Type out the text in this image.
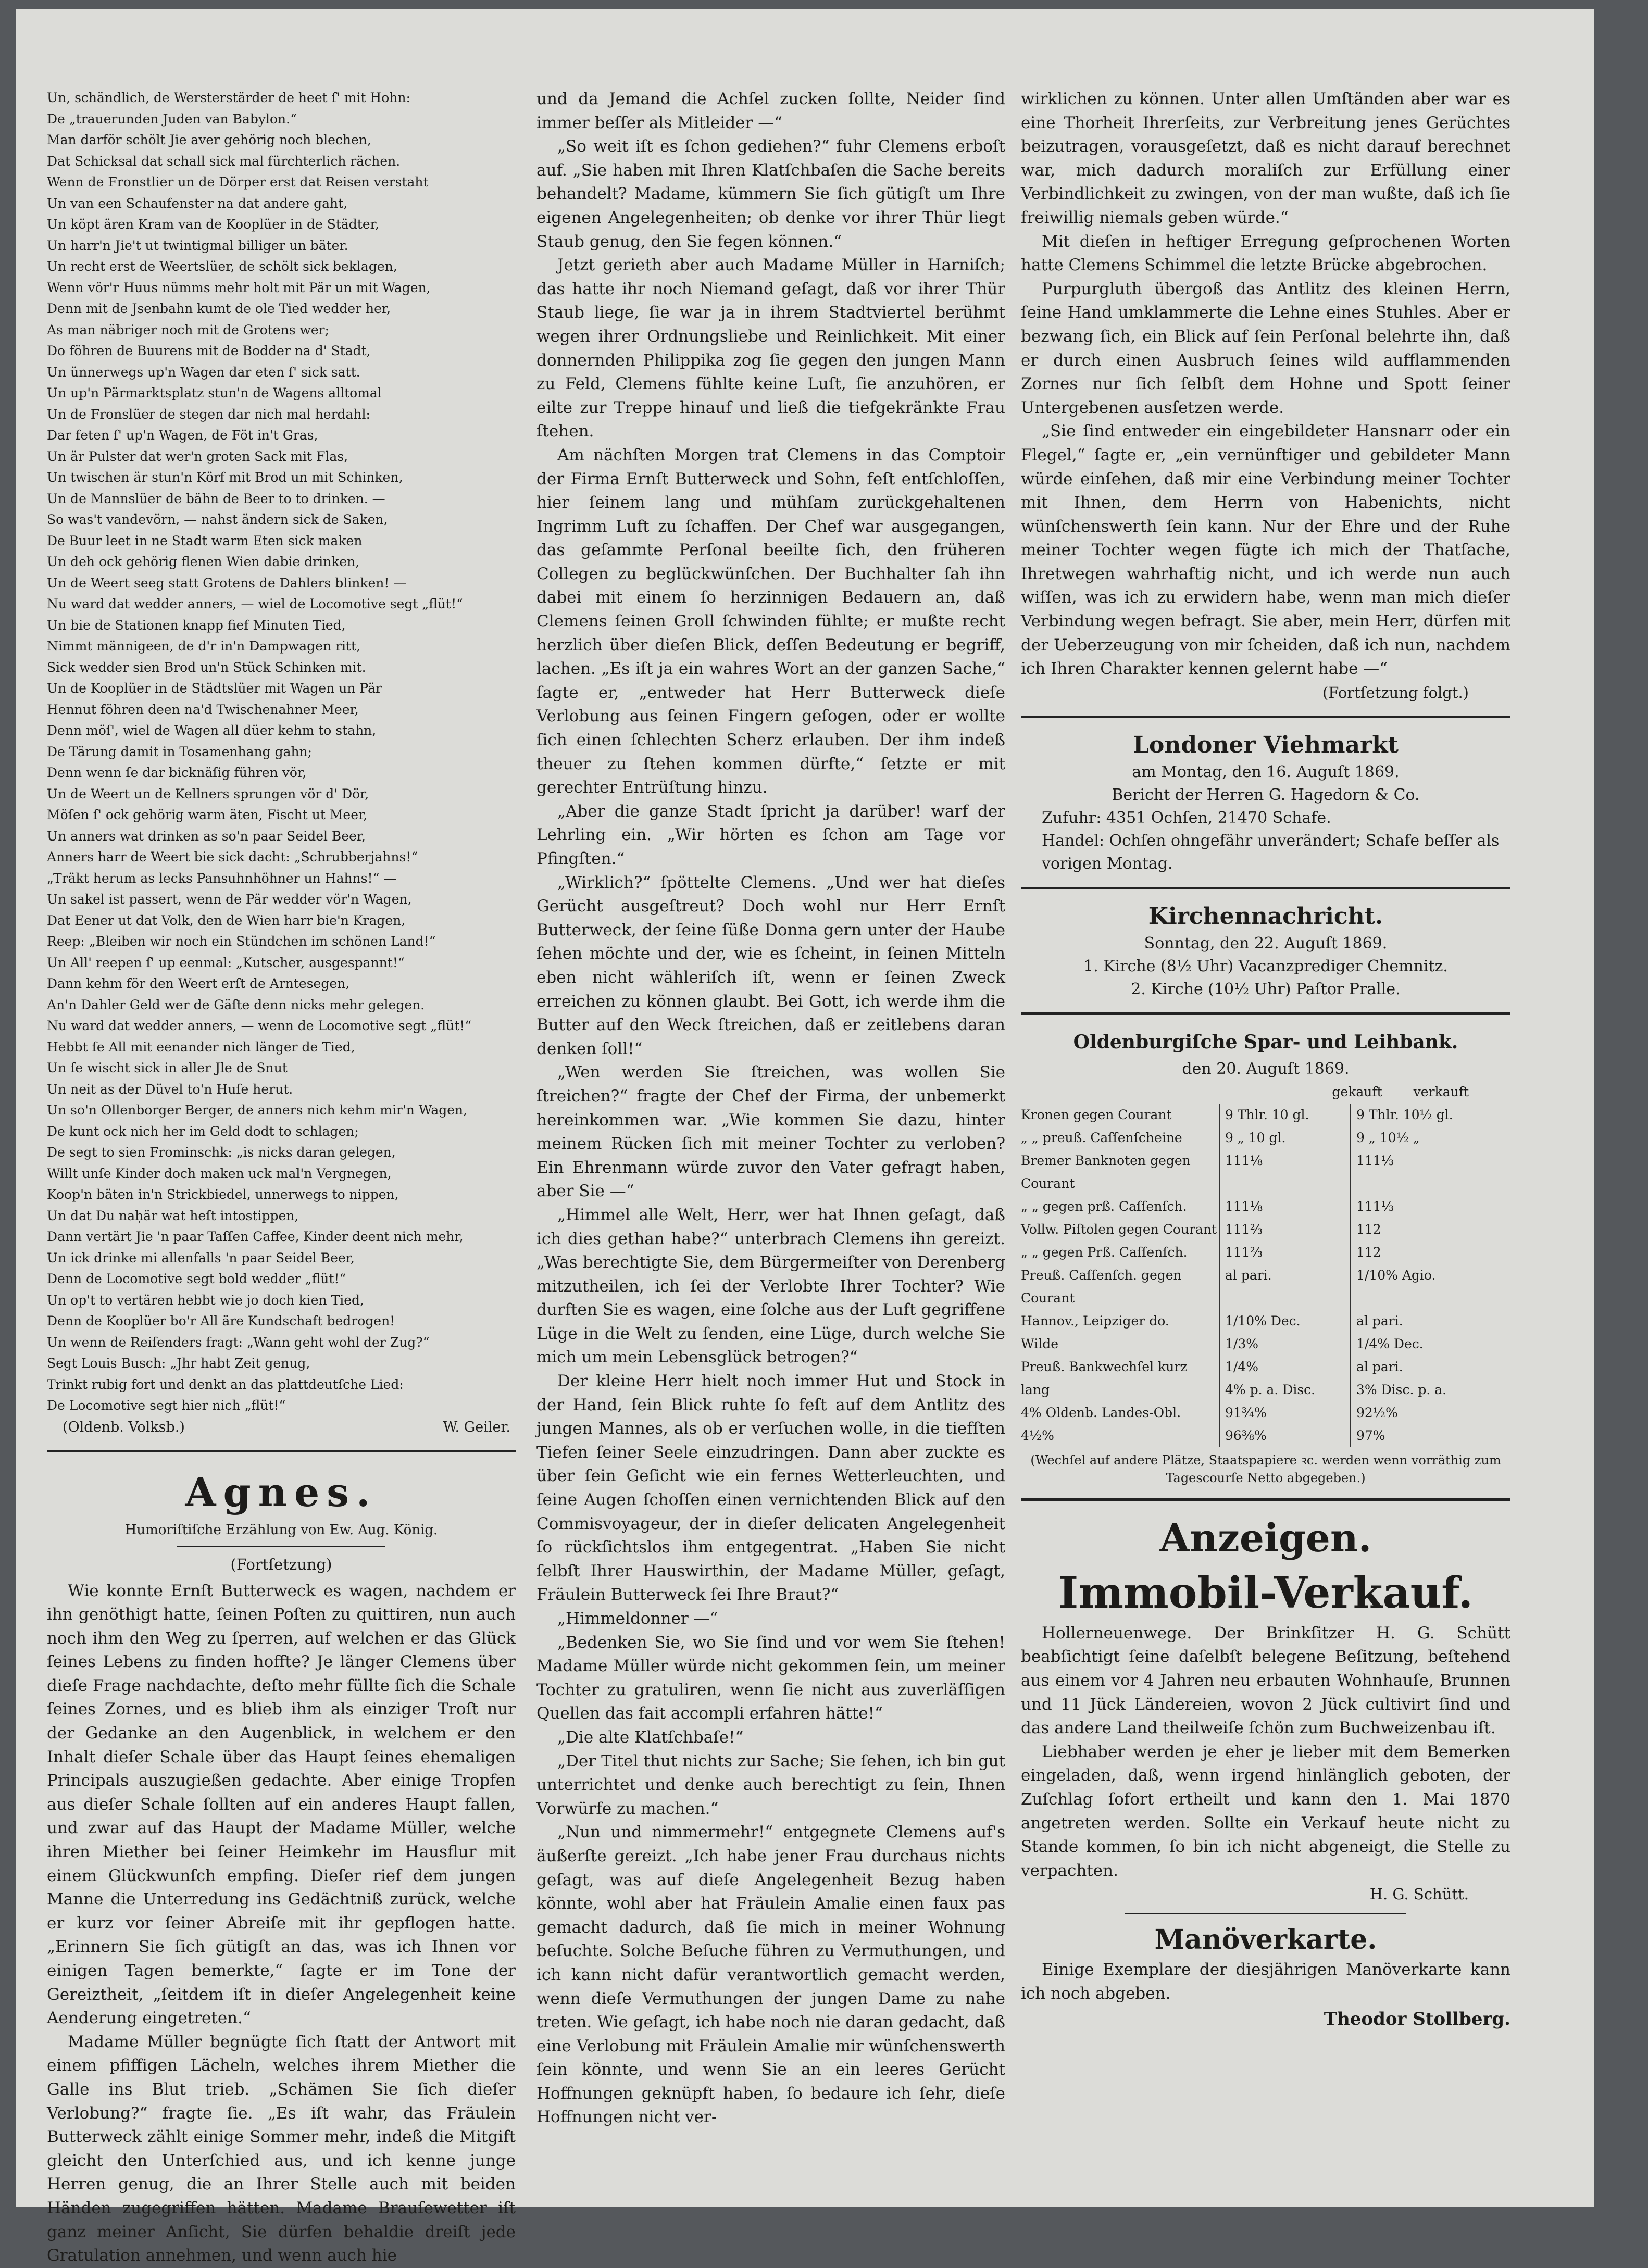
Un, schändlich, de Wersterstärder de heet ſ' mit Hohn:
De „trauerunden Juden van Babylon.“
Man darför schölt Jie aver gehörig noch blechen,
Dat Schicksal dat schall sick mal fürchterlich rächen.
Wenn de Fronstlier un de Dörper erst dat Reisen verstaht
Un van een Schaufenster na dat andere gaht,
Un köpt ären Kram van de Kooplüer in de Städter,
Un harr'n Jie't ut twintigmal billiger un bäter.
Un recht erst de Weertslüer, de schölt sick beklagen,
Wenn vör'r Huus nümms mehr holt mit Pär un mit Wagen,
Denn mit de Jsenbahn kumt de ole Tied wedder her,
As man näbriger noch mit de Grotens wer;
Do föhren de Buurens mit de Bodder na d' Stadt,
Un ünnerwegs up'n Wagen dar eten ſ' sick satt.
Un up'n Pärmarktsplatz stun'n de Wagens alltomal
Un de Fronslüer de stegen dar nich mal herdahl:
Dar feten ſ' up'n Wagen, de Föt in't Gras,
Un är Pulster dat wer'n groten Sack mit Flas,
Un twischen är stun'n Körf mit Brod un mit Schinken,
Un de Mannslüer de bähn de Beer to to drinken. —
So was't vandevörn, — nahst ändern sick de Saken,
De Buur leet in ne Stadt warm Eten sick maken
Un deh ock gehörig flenen Wien dabie drinken,
Un de Weert seeg statt Grotens de Dahlers blinken! —
Nu ward dat wedder anners, — wiel de Locomotive segt „flüt!“
Un bie de Stationen knapp fief Minuten Tied,
Nimmt männigeen, de d'r in'n Dampwagen ritt,
Sick wedder sien Brod un'n Stück Schinken mit.
Un de Kooplüer in de Städtslüer mit Wagen un Pär
Hennut föhren deen na'd Twischenahner Meer,
Denn möſ', wiel de Wagen all düer kehm to stahn,
De Tärung damit in Tosamenhang gahn;
Denn wenn ſe dar bicknäſig führen vör,
Un de Weert un de Kellners sprungen vör d' Dör,
Möſen ſ' ock gehörig warm äten, Fischt ut Meer,
Un anners wat drinken as so'n paar Seidel Beer,
Anners harr de Weert bie sick dacht: „Schrubberjahns!“
„Träkt herum as lecks Pansuhnhöhner un Hahns!“ —
Un sakel ist passert, wenn de Pär wedder vör'n Wagen,
Dat Eener ut dat Volk, den de Wien harr bie'n Kragen,
Reep: „Bleiben wir noch ein Stündchen im schönen Land!“
Un All' reepen ſ' up eenmal: „Kutscher, ausgespannt!“
Dann kehm för den Weert erſt de Arntesegen,
An'n Dahler Geld wer de Gäſte denn nicks mehr gelegen.
Nu ward dat wedder anners, — wenn de Locomotive segt „flüt!“
Hebbt ſe All mit eenander nich länger de Tied,
Un ſe wischt sick in aller Jle de Snut
Un neit as der Düvel to'n Huſe herut.
Un so'n Ollenborger Berger, de anners nich kehm mir'n Wagen,
De kunt ock nich her im Geld dodt to schlagen;
De segt to sien Frominschk: „is nicks daran gelegen,
Willt unſe Kinder doch maken uck mal'n Vergnegen,
Koop'n bäten in'n Strickbiedel, unnerwegs to nippen,
Un dat Du naḥär wat heſt intostippen,
Dann vertärt Jie 'n paar Taſſen Caffee, Kinder deent nich mehr,
Un ick drinke mi allenfalls 'n paar Seidel Beer,
Denn de Locomotive segt bold wedder „flüt!“
Un op't to vertären hebbt wie jo doch kien Tied,
Denn de Kooplüer bo'r All äre Kundschaft bedrogen!
Un wenn de Reiſenders fragt: „Wann geht wohl der Zug?“
Segt Louis Busch: „Jhr habt Zeit genug,
Trinkt rubig fort und denkt an das plattdeutſche Lied:
De Locomotive segt hier nich „flüt!“
(Oldenb. Volksb.)	W. Geiler.
Agnes.
Humoriſtiſche Erzählung von Ew. Aug. König.
(Fortſetzung)

Wie konnte Ernſt Butterweck es wagen, nachdem er ihn genöthigt hatte, ſeinen Poſten zu quittiren, nun auch noch ihm den Weg zu ſperren, auf welchen er das Glück ſeines Lebens zu finden hoffte? Je länger Clemens über dieſe Frage nachdachte, deſto mehr füllte ſich die Schale ſeines Zornes, und es blieb ihm als einziger Troſt nur der Gedanke an den Augenblick, in welchem er den Inhalt dieſer Schale über das Haupt ſeines ehemaligen Principals auszugießen gedachte. Aber einige Tropfen aus dieſer Schale ſollten auf ein anderes Haupt fallen, und zwar auf das Haupt der Madame Müller, welche ihren Miether bei ſeiner Heimkehr im Hausflur mit einem Glückwunſch empfing. Dieſer rief dem jungen Manne die Unterredung ins Gedächtniß zurück, welche er kurz vor ſeiner Abreiſe mit ihr gepflogen hatte. „Erinnern Sie ſich gütigſt an das, was ich Ihnen vor einigen Tagen bemerkte,“ ſagte er im Tone der Gereiztheit, „ſeitdem iſt in dieſer Angelegenheit keine Aenderung eingetreten.“

Madame Müller begnügte ſich ſtatt der Antwort mit einem pfiffigen Lächeln, welches ihrem Miether die Galle ins Blut trieb. „Schämen Sie ſich dieſer Verlobung?“ fragte ſie. „Es iſt wahr, das Fräulein Butterweck zählt einige Sommer mehr, indeß die Mitgift gleicht den Unterſchied aus, und ich kenne junge Herren genug, die an Ihrer Stelle auch mit beiden Händen zugegriffen hätten. Madame Brauſewetter iſt ganz meiner Anſicht, Sie dürfen behaldie dreiſt jede Gratulation annehmen, und wenn auch hie

und da Jemand die Achſel zucken ſollte, Neider ſind immer beſſer als Mitleider —“

„So weit iſt es ſchon gediehen?“ fuhr Clemens erboſt auf. „Sie haben mit Ihren Klatſchbaſen die Sache bereits behandelt? Madame, kümmern Sie ſich gütigſt um Ihre eigenen Angelegenheiten; ob denke vor ihrer Thür liegt Staub genug, den Sie fegen können.“

Jetzt gerieth aber auch Madame Müller in Harniſch; das hatte ihr noch Niemand geſagt, daß vor ihrer Thür Staub liege, ſie war ja in ihrem Stadtviertel berühmt wegen ihrer Ordnungsliebe und Reinlichkeit. Mit einer donnernden Philippika zog ſie gegen den jungen Mann zu Feld, Clemens fühlte keine Luſt, ſie anzuhören, er eilte zur Treppe hinauf und ließ die tiefgekränkte Frau ſtehen.

Am nächſten Morgen trat Clemens in das Comptoir der Firma Ernſt Butterweck und Sohn, feſt entſchloſſen, hier ſeinem lang und mühſam zurückgehaltenen Ingrimm Luft zu ſchaffen. Der Chef war ausgegangen, das geſammte Perſonal beeilte ſich, den früheren Collegen zu beglückwünſchen. Der Buchhalter ſah ihn dabei mit einem ſo herzinnigen Bedauern an, daß Clemens ſeinen Groll ſchwinden fühlte; er mußte recht herzlich über dieſen Blick, deſſen Bedeutung er begriff, lachen. „Es iſt ja ein wahres Wort an der ganzen Sache,“ ſagte er, „entweder hat Herr Butterweck dieſe Verlobung aus ſeinen Fingern geſogen, oder er wollte ſich einen ſchlechten Scherz erlauben. Der ihm indeß theuer zu ſtehen kommen dürfte,“ ſetzte er mit gerechter Entrüſtung hinzu.

„Aber die ganze Stadt ſpricht ja darüber! warf der Lehrling ein. „Wir hörten es ſchon am Tage vor Pfingſten.“

„Wirklich?“ ſpöttelte Clemens. „Und wer hat dieſes Gerücht ausgeſtreut? Doch wohl nur Herr Ernſt Butterweck, der ſeine ſüße Donna gern unter der Haube ſehen möchte und der, wie es ſcheint, in ſeinen Mitteln eben nicht wähleriſch iſt, wenn er ſeinen Zweck erreichen zu können glaubt. Bei Gott, ich werde ihm die Butter auf den Weck ſtreichen, daß er zeitlebens daran denken ſoll!“

„Wen werden Sie ſtreichen, was wollen Sie ſtreichen?“ fragte der Chef der Firma, der unbemerkt hereinkommen war. „Wie kommen Sie dazu, hinter meinem Rücken ſich mit meiner Tochter zu verloben? Ein Ehrenmann würde zuvor den Vater gefragt haben, aber Sie —“

„Himmel alle Welt, Herr, wer hat Ihnen geſagt, daß ich dies gethan habe?“ unterbrach Clemens ihn gereizt. „Was berechtigte Sie, dem Bürgermeiſter von Derenberg mitzutheilen, ich ſei der Verlobte Ihrer Tochter? Wie durften Sie es wagen, eine ſolche aus der Luft gegriffene Lüge in die Welt zu ſenden, eine Lüge, durch welche Sie mich um mein Lebensglück betrogen?“

Der kleine Herr hielt noch immer Hut und Stock in der Hand, ſein Blick ruhte ſo feſt auf dem Antlitz des jungen Mannes, als ob er verſuchen wolle, in die tiefſten Tiefen ſeiner Seele einzudringen. Dann aber zuckte es über ſein Geſicht wie ein fernes Wetterleuchten, und ſeine Augen ſchoſſen einen vernichtenden Blick auf den Commisvoyageur, der in dieſer delicaten Angelegenheit ſo rückſichtslos ihm entgegentrat. „Haben Sie nicht ſelbſt Ihrer Hauswirthin, der Madame Müller, geſagt, Fräulein Butterweck ſei Ihre Braut?“

„Himmeldonner —“

„Bedenken Sie, wo Sie ſind und vor wem Sie ſtehen! Madame Müller würde nicht gekommen ſein, um meiner Tochter zu gratuliren, wenn ſie nicht aus zuverläſſigen Quellen das fait accompli erfahren hätte!“

„Die alte Klatſchbaſe!“

„Der Titel thut nichts zur Sache; Sie ſehen, ich bin gut unterrichtet und denke auch berechtigt zu ſein, Ihnen Vorwürfe zu machen.“

„Nun und nimmermehr!“ entgegnete Clemens auf's äußerſte gereizt. „Ich habe jener Frau durchaus nichts geſagt, was auf dieſe Angelegenheit Bezug haben könnte, wohl aber hat Fräulein Amalie einen faux pas gemacht dadurch, daß ſie mich in meiner Wohnung beſuchte. Solche Beſuche führen zu Vermuthungen, und ich kann nicht dafür verantwortlich gemacht werden, wenn dieſe Vermuthungen der jungen Dame zu nahe treten. Wie geſagt, ich habe noch nie daran gedacht, daß eine Verlobung mit Fräulein Amalie mir wünſchenswerth ſein könnte, und wenn Sie an ein leeres Gerücht Hoffnungen geknüpft haben, ſo bedaure ich ſehr, dieſe Hoffnungen nicht ver-

wirklichen zu können. Unter allen Umſtänden aber war es eine Thorheit Ihrerſeits, zur Verbreitung jenes Gerüchtes beizutragen, vorausgeſetzt, daß es nicht darauf berechnet war, mich dadurch moraliſch zur Erfüllung einer Verbindlichkeit zu zwingen, von der man wußte, daß ich ſie freiwillig niemals geben würde.“

Mit dieſen in heftiger Erregung geſprochenen Worten hatte Clemens Schimmel die letzte Brücke abgebrochen.

Purpurgluth übergoß das Antlitz des kleinen Herrn, ſeine Hand umklammerte die Lehne eines Stuhles. Aber er bezwang ſich, ein Blick auf ſein Perſonal belehrte ihn, daß er durch einen Ausbruch ſeines wild aufflammenden Zornes nur ſich ſelbſt dem Hohne und Spott ſeiner Untergebenen ausſetzen werde.

„Sie ſind entweder ein eingebildeter Hansnarr oder ein Flegel,“ ſagte er, „ein vernünftiger und gebildeter Mann würde einſehen, daß mir eine Verbindung meiner Tochter mit Ihnen, dem Herrn von Habenichts, nicht wünſchenswerth ſein kann. Nur der Ehre und der Ruhe meiner Tochter wegen fügte ich mich der Thatſache, Ihretwegen wahrhaftig nicht, und ich werde nun auch wiſſen, was ich zu erwidern habe, wenn man mich dieſer Verbindung wegen befragt. Sie aber, mein Herr, dürfen mit der Ueberzeugung von mir ſcheiden, daß ich nun, nachdem ich Ihren Charakter kennen gelernt habe —“

(Fortſetzung folgt.)
Londoner Viehmarkt
am Montag, den 16. Auguſt 1869.
Bericht der Herren G. Hagedorn & Co.
Zufuhr: 4351 Ochſen, 21470 Schafe.
Handel: Ochſen ohngefähr unverändert; Schafe beſſer als vorigen Montag.
Kirchennachricht.
Sonntag, den 22. Auguſt 1869.
1. Kirche (8½ Uhr) Vacanzprediger Chemnitz.
2. Kirche (10½ Uhr) Paſtor Pralle.
Oldenburgiſche Spar- und Leihbank.
den 20. Auguſt 1869.
gekauft verkauft
Kronen gegen Courant	9 Thlr. 10 gl.	9 Thlr. 10½ gl.
„ „ preuß. Caſſenſcheine	9 „ 10 gl.	9 „ 10½ „
Bremer Banknoten gegen Courant
111⅛	111⅓
„ „ gegen prß. Caſſenſch.	111⅛	111⅓
Vollw. Piſtolen gegen Courant 111⅔	112
„ „ gegen Prß. Caſſenſch.	111⅔	112
Preuß. Caſſenſch. gegen Courant
al pari.	1/10% Agio.
Hannov., Leipziger do.	1/10% Dec.	al pari.
Wilde	1/3%	1/4% Dec.
Preuß. Bankwechſel kurz	1/4%	al pari.
lang	4% p. a. Disc.	3% Disc. p. a.
4% Oldenb. Landes-Obl.	91¾%	92½%
4½%	96⅜%	97%
(Wechſel auf andere Plätze, Staatspapiere ꝛc. werden wenn vorräthig zum Tagescourſe Netto abgegeben.)
Anzeigen.
Immobil-Verkauf.

Hollerneuenwege. Der Brinkſitzer H. G. Schütt beabſichtigt ſeine daſelbſt belegene Beſitzung, beſtehend aus einem vor 4 Jahren neu erbauten Wohnhauſe, Brunnen und 11 Jück Ländereien, wovon 2 Jück cultivirt ſind und das andere Land theilweiſe ſchön zum Buchweizenbau iſt.

Liebhaber werden je eher je lieber mit dem Bemerken eingeladen, daß, wenn irgend hinlänglich geboten, der Zuſchlag ſofort ertheilt und kann den 1. Mai 1870 angetreten werden. Sollte ein Verkauf heute nicht zu Stande kommen, ſo bin ich nicht abgeneigt, die Stelle zu verpachten.

H. G. Schütt.
Manöverkarte.

Einige Exemplare der diesjährigen Manöverkarte kann ich noch abgeben.

Theodor Stollberg.
